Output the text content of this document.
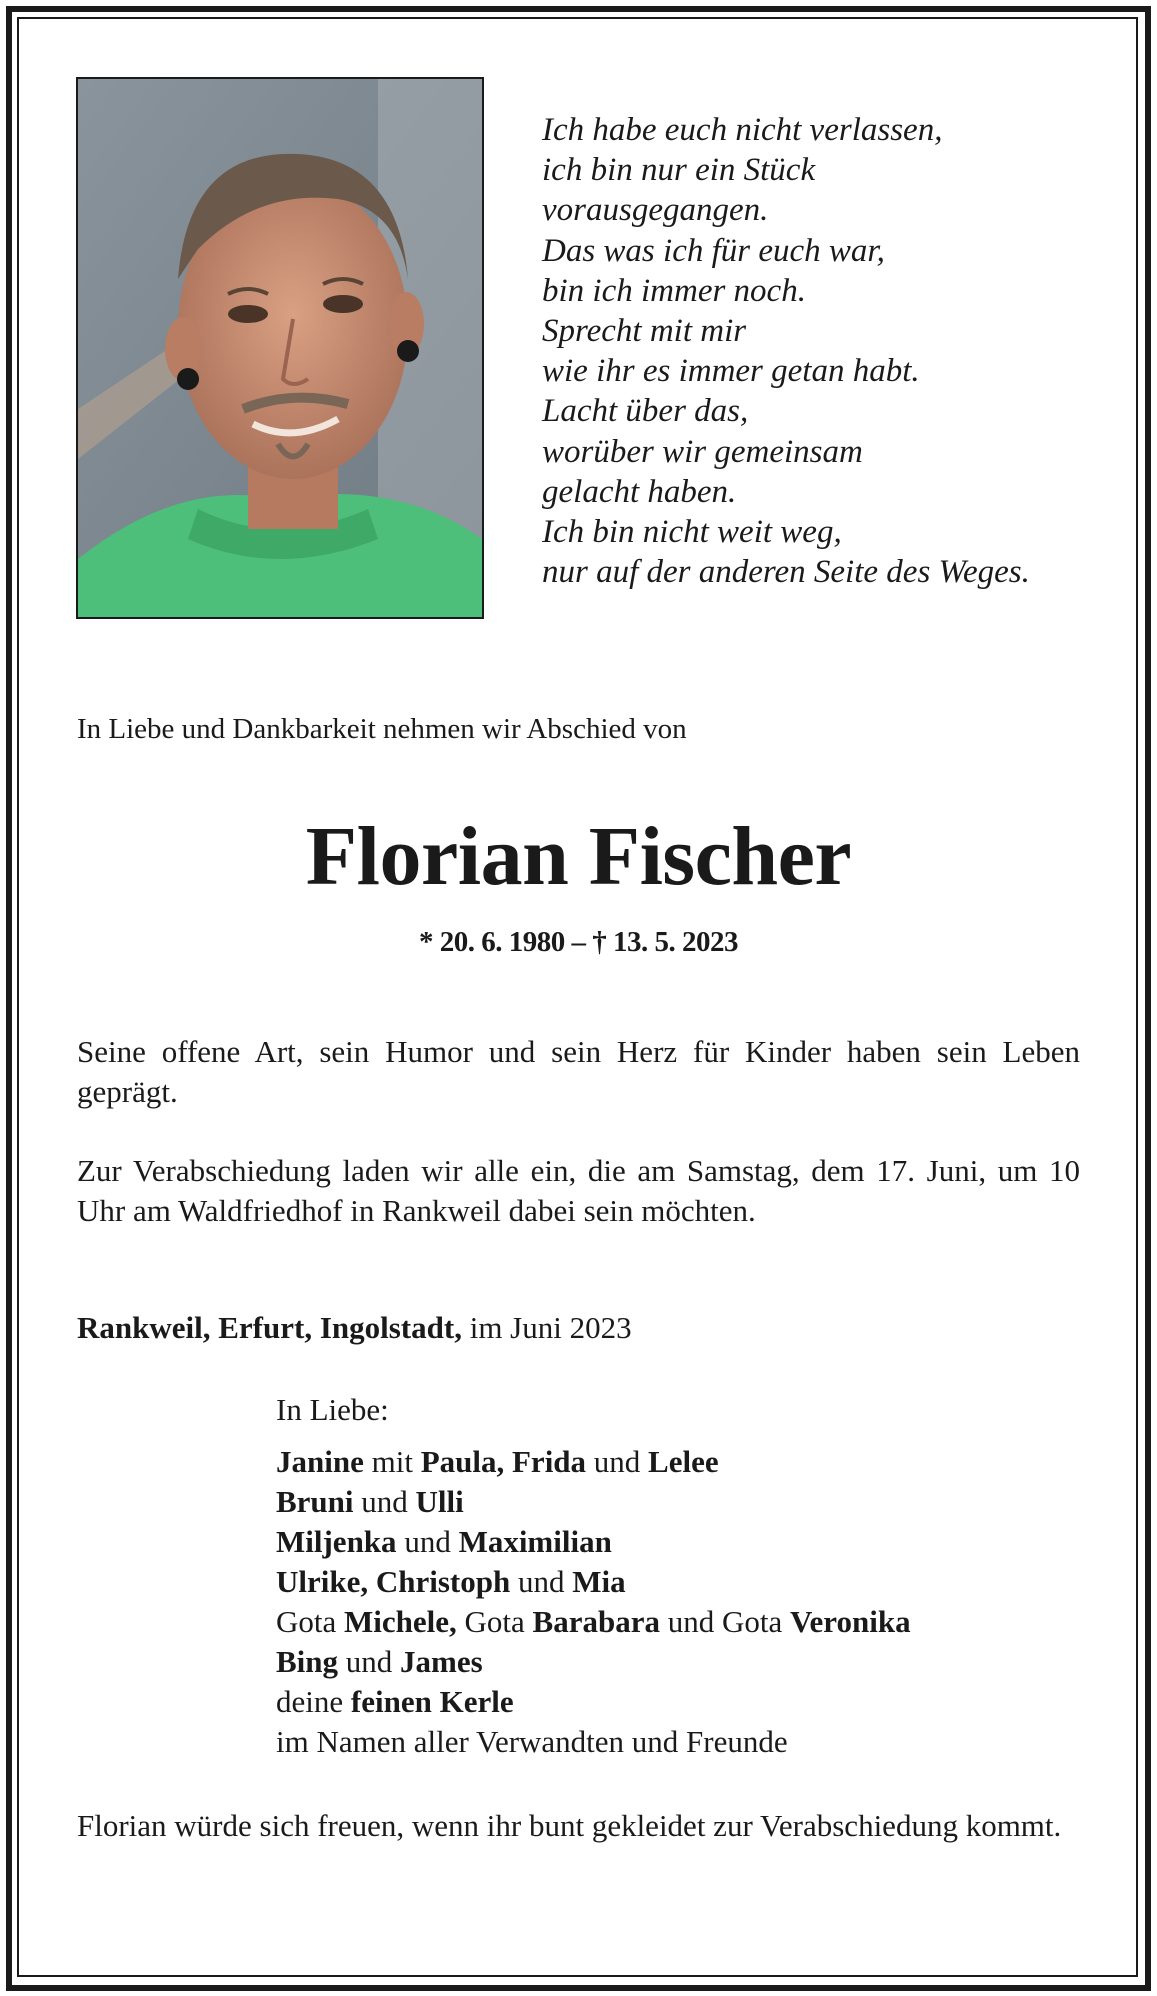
Ich habe euch nicht verlassen,
ich bin nur ein Stück
vorausgegangen.
Das was ich für euch war,
bin ich immer noch.
Sprecht mit mir
wie ihr es immer getan habt.
Lacht über das,
worüber wir gemeinsam
gelacht haben.
Ich bin nicht weit weg,
nur auf der anderen Seite des Weges.
In Liebe und Dankbarkeit nehmen wir Abschied von
Florian Fischer
* 20. 6. 1980 – † 13. 5. 2023

Seine offene Art, sein Humor und sein Herz für Kinder haben sein Leben geprägt.

Zur Verabschiedung laden wir alle ein, die am Samstag, dem 17. Juni, um 10 Uhr am Waldfriedhof in Rankweil dabei sein möchten.

Rankweil, Erfurt, Ingolstadt, im Juni 2023
In Liebe:
Janine mit Paula, Frida und Lelee
Bruni und Ulli
Miljenka und Maximilian
Ulrike, Christoph und Mia
Gota Michele, Gota Barabara und Gota Veronika
Bing und James
deine feinen Kerle
im Namen aller Verwandten und Freunde

Florian würde sich freuen, wenn ihr bunt gekleidet zur Verabschiedung kommt.
